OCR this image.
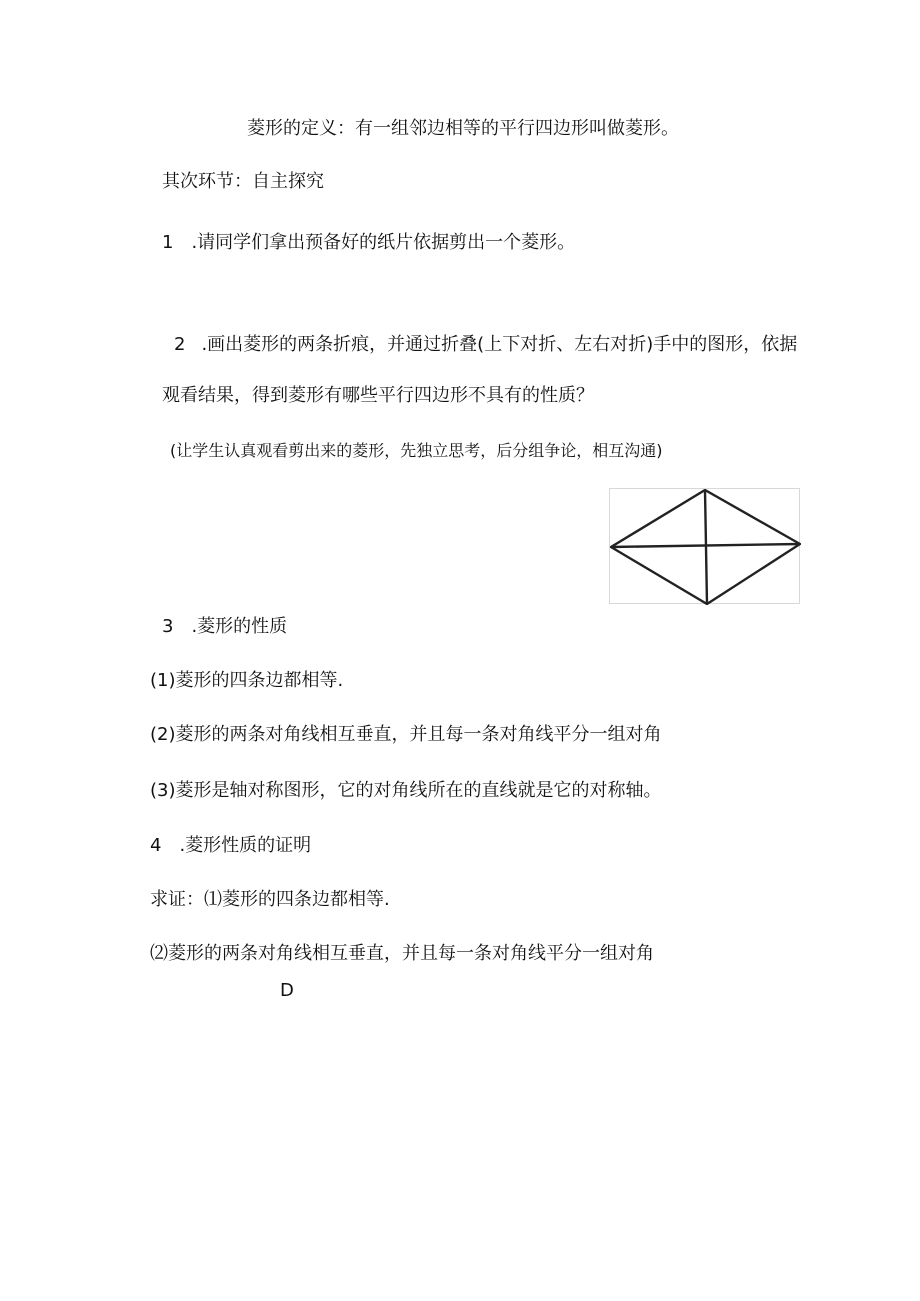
菱形的定义：有一组邻边相等的平行四边形叫做菱形。
其次环节：自主探究
1 .请同学们拿出预备好的纸片依据剪出一个菱形。
2 .画出菱形的两条折痕，并通过折叠(上下对折、左右对折)手中的图形，依据
观看结果，得到菱形有哪些平行四边形不具有的性质？
(让学生认真观看剪出来的菱形，先独立思考，后分组争论，相互沟通)
3 .菱形的性质
(1)菱形的四条边都相等.
(2)菱形的两条对角线相互垂直，并且每一条对角线平分一组对角
(3)菱形是轴对称图形，它的对角线所在的直线就是它的对称轴。
4 .菱形性质的证明
求证：⑴菱形的四条边都相等.
⑵菱形的两条对角线相互垂直，并且每一条对角线平分一组对角
D
